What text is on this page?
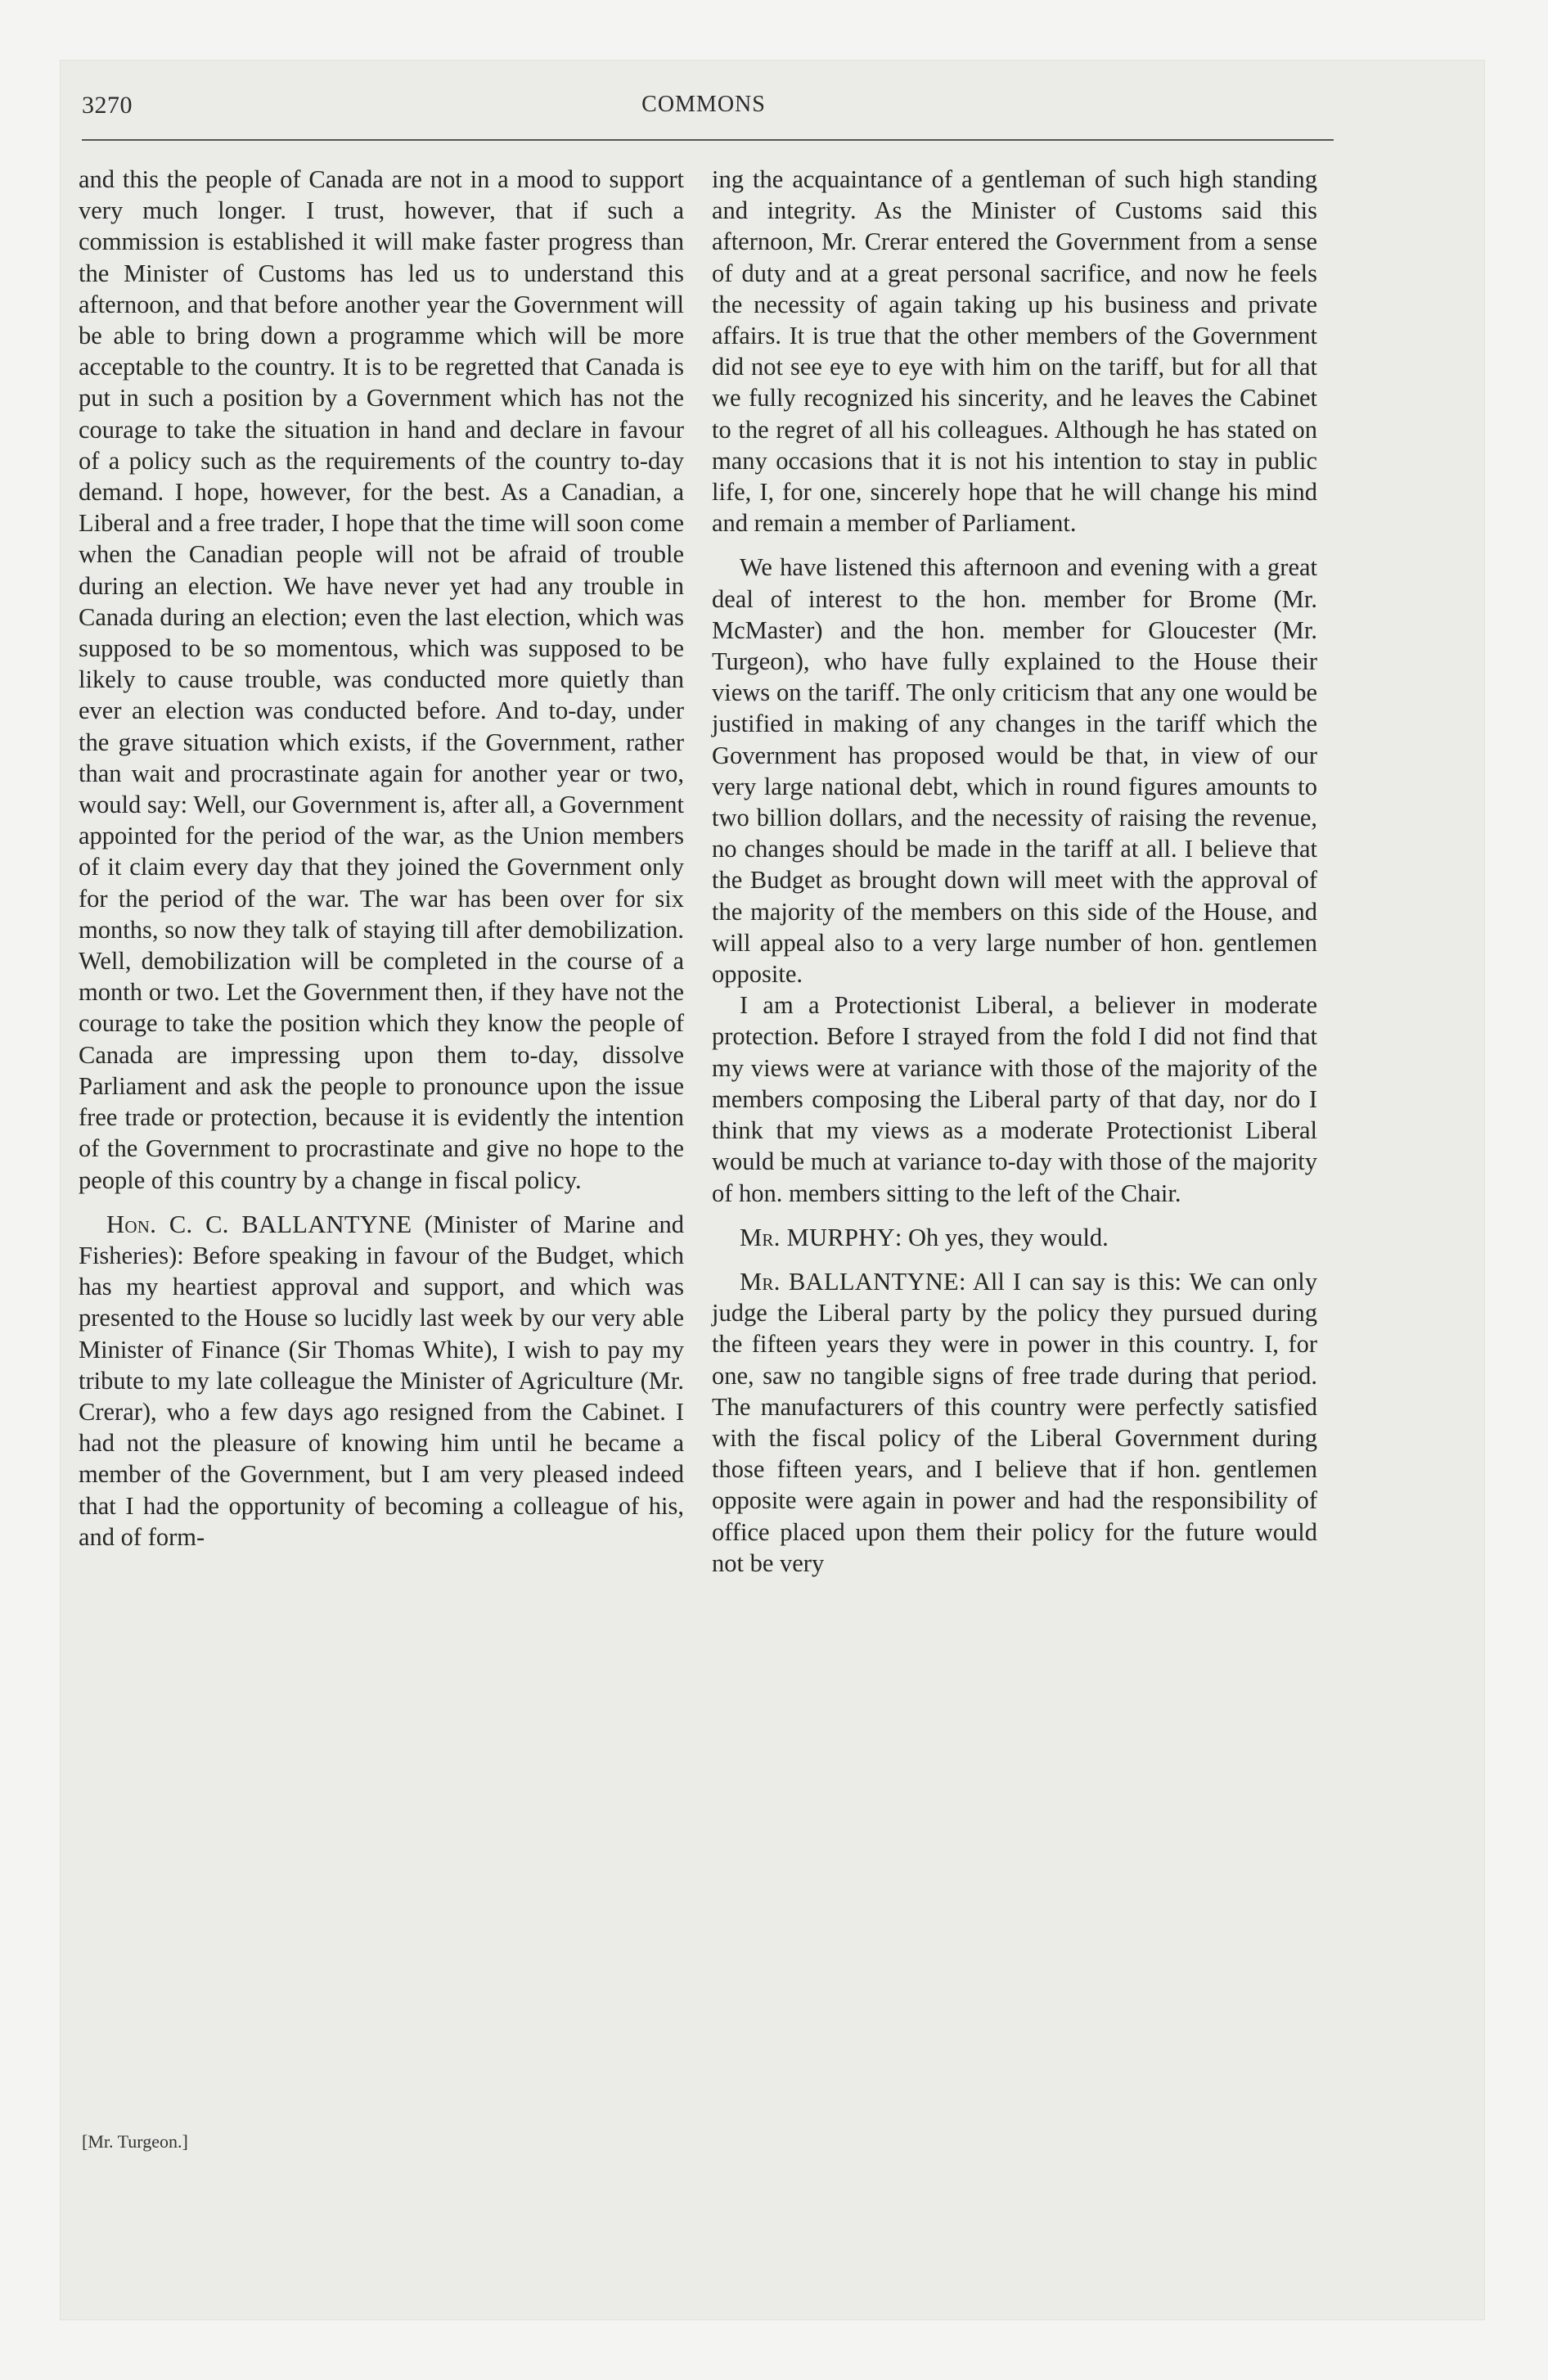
3270	COMMONS

and this the people of Canada are not in a mood to support very much longer. I trust, however, that if such a commission is established it will make faster progress than the Minister of Customs has led us to understand this afternoon, and that before another year the Government will be able to bring down a programme which will be more acceptable to the country. It is to be regretted that Canada is put in such a position by a Government which has not the courage to take the situation in hand and declare in favour of a policy such as the requirements of the country to-day demand. I hope, however, for the best. As a Canadian, a Liberal and a free trader, I hope that the time will soon come when the Canadian people will not be afraid of trouble during an election. We have never yet had any trouble in Canada during an election; even the last election, which was supposed to be so momentous, which was supposed to be likely to cause trouble, was conducted more quietly than ever an election was conducted before. And to-day, under the grave situation which exists, if the Government, rather than wait and procrastinate again for another year or two, would say: Well, our Government is, after all, a Government appointed for the period of the war, as the Union members of it claim every day that they joined the Government only for the period of the war. The war has been over for six months, so now they talk of staying till after demobilization. Well, demobilization will be completed in the course of a month or two. Let the Government then, if they have not the courage to take the position which they know the people of Canada are impressing upon them to-day, dissolve Parliament and ask the people to pronounce upon the issue free trade or protection, because it is evidently the intention of the Government to procrastinate and give no hope to the people of this country by a change in fiscal policy.

Hon. C. C. BALLANTYNE (Minister of Marine and Fisheries): Before speaking in favour of the Budget, which has my heartiest approval and support, and which was presented to the House so lucidly last week by our very able Minister of Finance (Sir Thomas White), I wish to pay my tribute to my late colleague the Minister of Agriculture (Mr. Crerar), who a few days ago resigned from the Cabinet. I had not the pleasure of knowing him until he became a member of the Government, but I am very pleased indeed that I had the opportunity of becoming a colleague of his, and of form-

ing the acquaintance of a gentleman of such high standing and integrity. As the Minister of Customs said this afternoon, Mr. Crerar entered the Government from a sense of duty and at a great personal sacrifice, and now he feels the necessity of again taking up his business and private affairs. It is true that the other members of the Government did not see eye to eye with him on the tariff, but for all that we fully recognized his sincerity, and he leaves the Cabinet to the regret of all his colleagues. Although he has stated on many occasions that it is not his intention to stay in public life, I, for one, sincerely hope that he will change his mind and remain a member of Parliament.

We have listened this afternoon and evening with a great deal of interest to the hon. member for Brome (Mr. McMaster) and the hon. member for Gloucester (Mr. Turgeon), who have fully explained to the House their views on the tariff. The only criticism that any one would be justified in making of any changes in the tariff which the Government has proposed would be that, in view of our very large national debt, which in round figures amounts to two billion dollars, and the necessity of raising the revenue, no changes should be made in the tariff at all. I believe that the Budget as brought down will meet with the approval of the majority of the members on this side of the House, and will appeal also to a very large number of hon. gentlemen opposite.

I am a Protectionist Liberal, a believer in moderate protection. Before I strayed from the fold I did not find that my views were at variance with those of the majority of the members composing the Liberal party of that day, nor do I think that my views as a moderate Protectionist Liberal would be much at variance to-day with those of the majority of hon. members sitting to the left of the Chair.

Mr. MURPHY: Oh yes, they would.

Mr. BALLANTYNE: All I can say is this: We can only judge the Liberal party by the policy they pursued during the fifteen years they were in power in this country. I, for one, saw no tangible signs of free trade during that period. The manufacturers of this country were perfectly satisfied with the fiscal policy of the Liberal Government during those fifteen years, and I believe that if hon. gentlemen opposite were again in power and had the responsibility of office placed upon them their policy for the future would not be very

[Mr. Turgeon.]
